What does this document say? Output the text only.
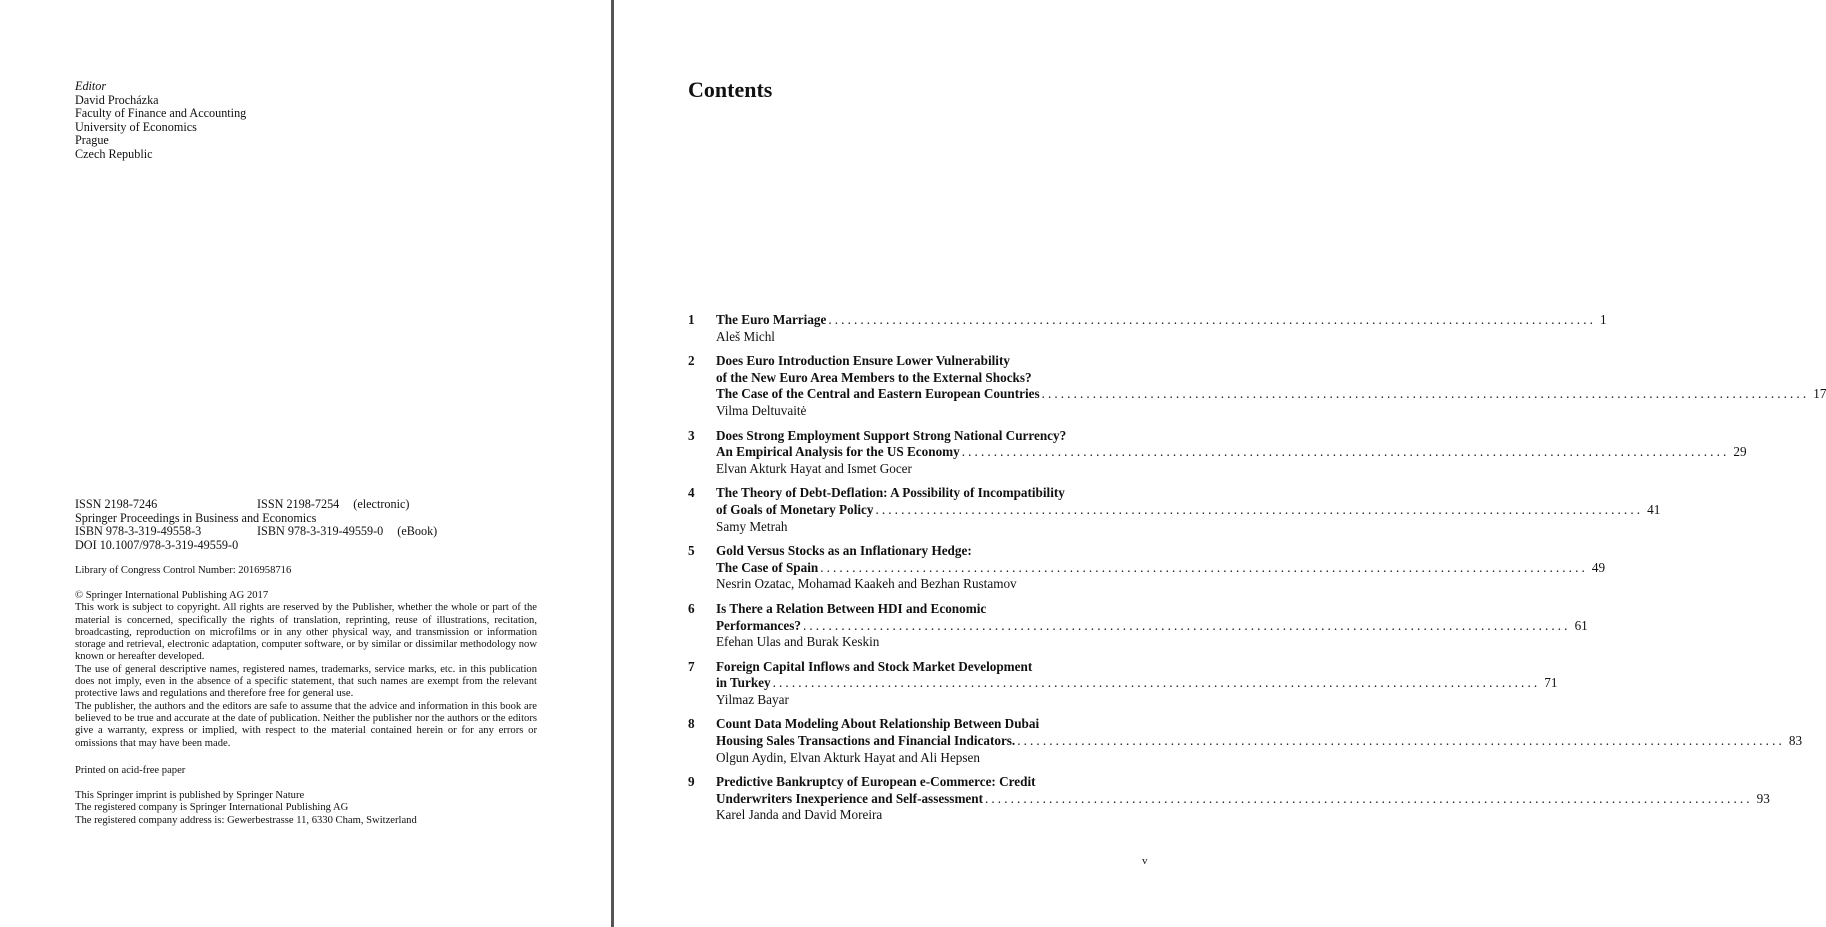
Editor
David Procházka
Faculty of Finance and Accounting
University of Economics
Prague
Czech Republic
ISSN 2198-7246	ISSN 2198-7254 (electronic)
Springer Proceedings in Business and Economics
ISBN 978-3-319-49558-3	ISBN 978-3-319-49559-0 (eBook)
DOI 10.1007/978-3-319-49559-0
Library of Congress Control Number: 2016958716

© Springer International Publishing AG 2017

This work is subject to copyright. All rights are reserved by the Publisher, whether the whole or part of the material is concerned, specifically the rights of translation, reprinting, reuse of illustrations, recitation, broadcasting, reproduction on microfilms or in any other physical way, and transmission or information storage and retrieval, electronic adaptation, computer software, or by similar or dissimilar methodology now known or hereafter developed.

The use of general descriptive names, registered names, trademarks, service marks, etc. in this publication does not imply, even in the absence of a specific statement, that such names are exempt from the relevant protective laws and regulations and therefore free for general use.

The publisher, the authors and the editors are safe to assume that the advice and information in this book are believed to be true and accurate at the date of publication. Neither the publisher nor the authors or the editors give a warranty, express or implied, with respect to the material contained herein or for any errors or omissions that may have been made.

Printed on acid-free paper
This Springer imprint is published by Springer Nature
The registered company is Springer International Publishing AG
The registered company address is: Gewerbestrasse 11, 6330 Cham, Switzerland
Contents
1	The Euro Marriage ........................................................................................................................ 1
Aleš Michl
2	Does Euro Introduction Ensure Lower Vulnerability
of the New Euro Area Members to the External Shocks?
The Case of the Central and Eastern European Countries ........................................................................................................................ 17
Vilma Deltuvaitė
3	Does Strong Employment Support Strong National Currency?
An Empirical Analysis for the US Economy ........................................................................................................................ 29
Elvan Akturk Hayat and Ismet Gocer
4	The Theory of Debt-Deflation: A Possibility of Incompatibility
of Goals of Monetary Policy ........................................................................................................................ 41
Samy Metrah
5	Gold Versus Stocks as an Inflationary Hedge:
The Case of Spain ........................................................................................................................ 49
Nesrin Ozatac, Mohamad Kaakeh and Bezhan Rustamov
6	Is There a Relation Between HDI and Economic
Performances? ........................................................................................................................ 61
Efehan Ulas and Burak Keskin
7	Foreign Capital Inflows and Stock Market Development
in Turkey ........................................................................................................................ 71
Yilmaz Bayar
8	Count Data Modeling About Relationship Between Dubai
Housing Sales Transactions and Financial Indicators. ........................................................................................................................ 83
Olgun Aydin, Elvan Akturk Hayat and Ali Hepsen
9	Predictive Bankruptcy of European e-Commerce: Credit
Underwriters Inexperience and Self-assessment ........................................................................................................................ 93
Karel Janda and David Moreira
v
